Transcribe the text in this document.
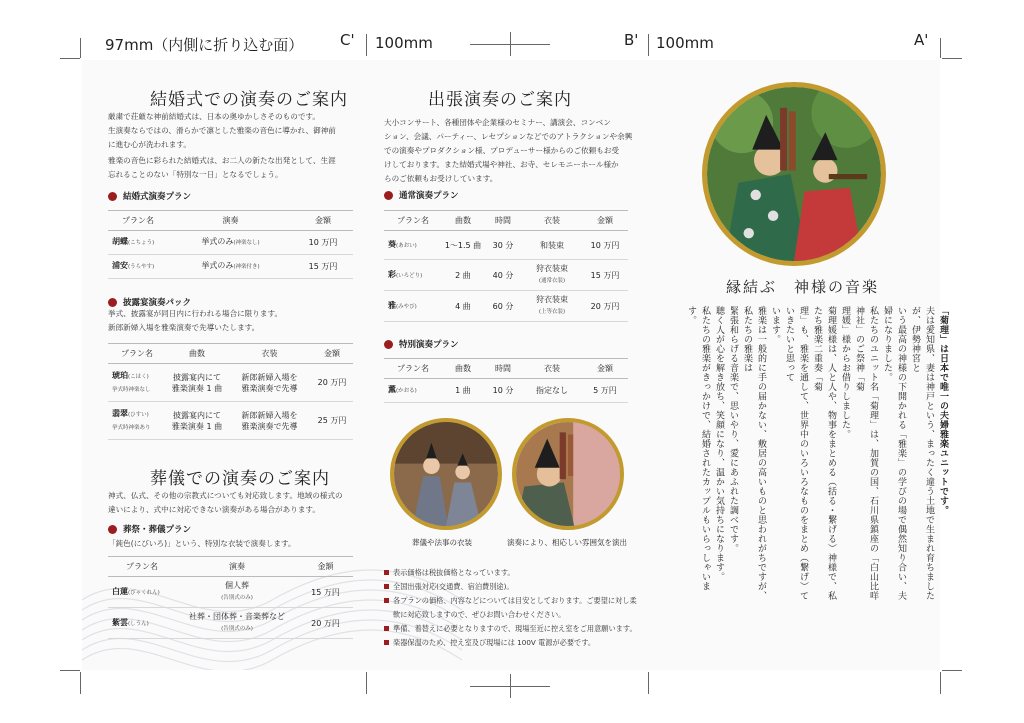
97mm（内側に折り込む面） C' 100mm	B' 100mm	A'
結婚式での演奏のご案内
厳粛で荘厳な神前結婚式は、日本の奥ゆかしさそのものです。
生演奏ならではの、滑らかで凛とした雅楽の音色に導かれ、御神前
に進む心が洗われます。
雅楽の音色に彩られた結婚式は、お二人の新たな出発として、生涯
忘れることのない「特別な一日」となるでしょう。
結婚式演奏プラン
プラン名	演奏	金額
胡蝶(こちょう)	挙式のみ(神楽なし)	10 万円
浦安(うらやす)	挙式のみ(神楽付き)	15 万円
披露宴演奏パック
挙式、披露宴が同日内に行われる場合に限ります。
新郎新婦入場を雅楽演奏で先導いたします。
プラン名	曲数	衣装	金額
琥珀(こはく)
挙式時神楽なし	披露宴内にて
雅楽演奏 1 曲	新郎新婦入場を
雅楽演奏で先導	20 万円
翡翠(ひすい)
挙式時神楽あり	披露宴内にて
雅楽演奏 1 曲	新郎新婦入場を
雅楽演奏で先導	25 万円
葬儀での演奏のご案内
神式、仏式、その他の宗教式についても対応致します。地域の様式の
違いにより、式中に対応できない演奏がある場合があります。
葬祭・葬儀プラン
「鈍色(にびいろ)」という、特別な衣装で演奏します。
プラン名	演奏	金額
白蓮(びゃくれん)	個人葬
(告別式のみ)	15 万円
紫雲(しうん)	社葬・団体葬・音楽葬など
(告別式のみ)	20 万円
出張演奏のご案内
大小コンサート、各種団体や企業様のセミナー、講演会、コンベン
ション、会議、パーティー、レセプションなどでのアトラクションや余興
での演奏やプロダクション様、プロデューサー様からのご依頼もお受
けしております。また結婚式場や神社、お寺、セレモニーホール様か
らのご依頼もお受けしています。
通常演奏プラン
プラン名	曲数	時間	衣装	金額
葵(あおい)	1〜1.5 曲	30 分	和装束	10 万円
彩(いろどり)	2 曲	40 分	狩衣装束
(通常衣装)	15 万円
雅(みやび)	4 曲	60 分	狩衣装束
(上等衣装)	20 万円
特別演奏プラン
プラン名	曲数	時間	衣装	金額
薫(かおる)	1 曲	10 分	指定なし	5 万円
葬儀や法事の衣装	演奏により、相応しい雰囲気を演出
表示価格は税抜価格となっています。
全国出張対応(交通費、宿泊費別途)。
各プランの価格、内容などについては目安としております。ご要望に対し柔
軟に対応致しますので、ぜひお問い合わせください。
準備、着替えに必要となりますので、現場至近に控え室をご用意願います。
楽器保温のため、控え室及び現場には 100V 電源が必要です。
縁結ぶ　神様の音楽
「菊理」は日本で唯一の夫婦雅楽ユニットです。
夫は愛知県、妻は神戸という、まったく違う土地で生まれ育ちましたが、伊勢神宮と
いう最高の神様の下開かれる「雅楽」の学びの場で偶然知り合い、夫婦になりました。
私たちのユニット名「菊理」は、加賀の国、石川県鎮座の「白山比咩神社」のご祭神「菊
理媛」様からお借りしました。
菊理媛様は、人と人や、物事をまとめる（括る・繋げる）神様で、私たち雅楽二重奏「菊
理」も、雅楽を通して、世界中のいろいろなものをまとめ（繋げ）ていきたいと思って
います。
雅楽は一般的に手の届かない、敷居の高いものと思われがちですが、私たちの雅楽は
緊張和らげる音楽で、思いやり、愛にあふれた調べです。
聴く人が心を解き放ち、笑顔になり、温かい気持ちになります。
私たちの雅楽がきっかけで、結婚されたカップルもいらっしゃいます。
